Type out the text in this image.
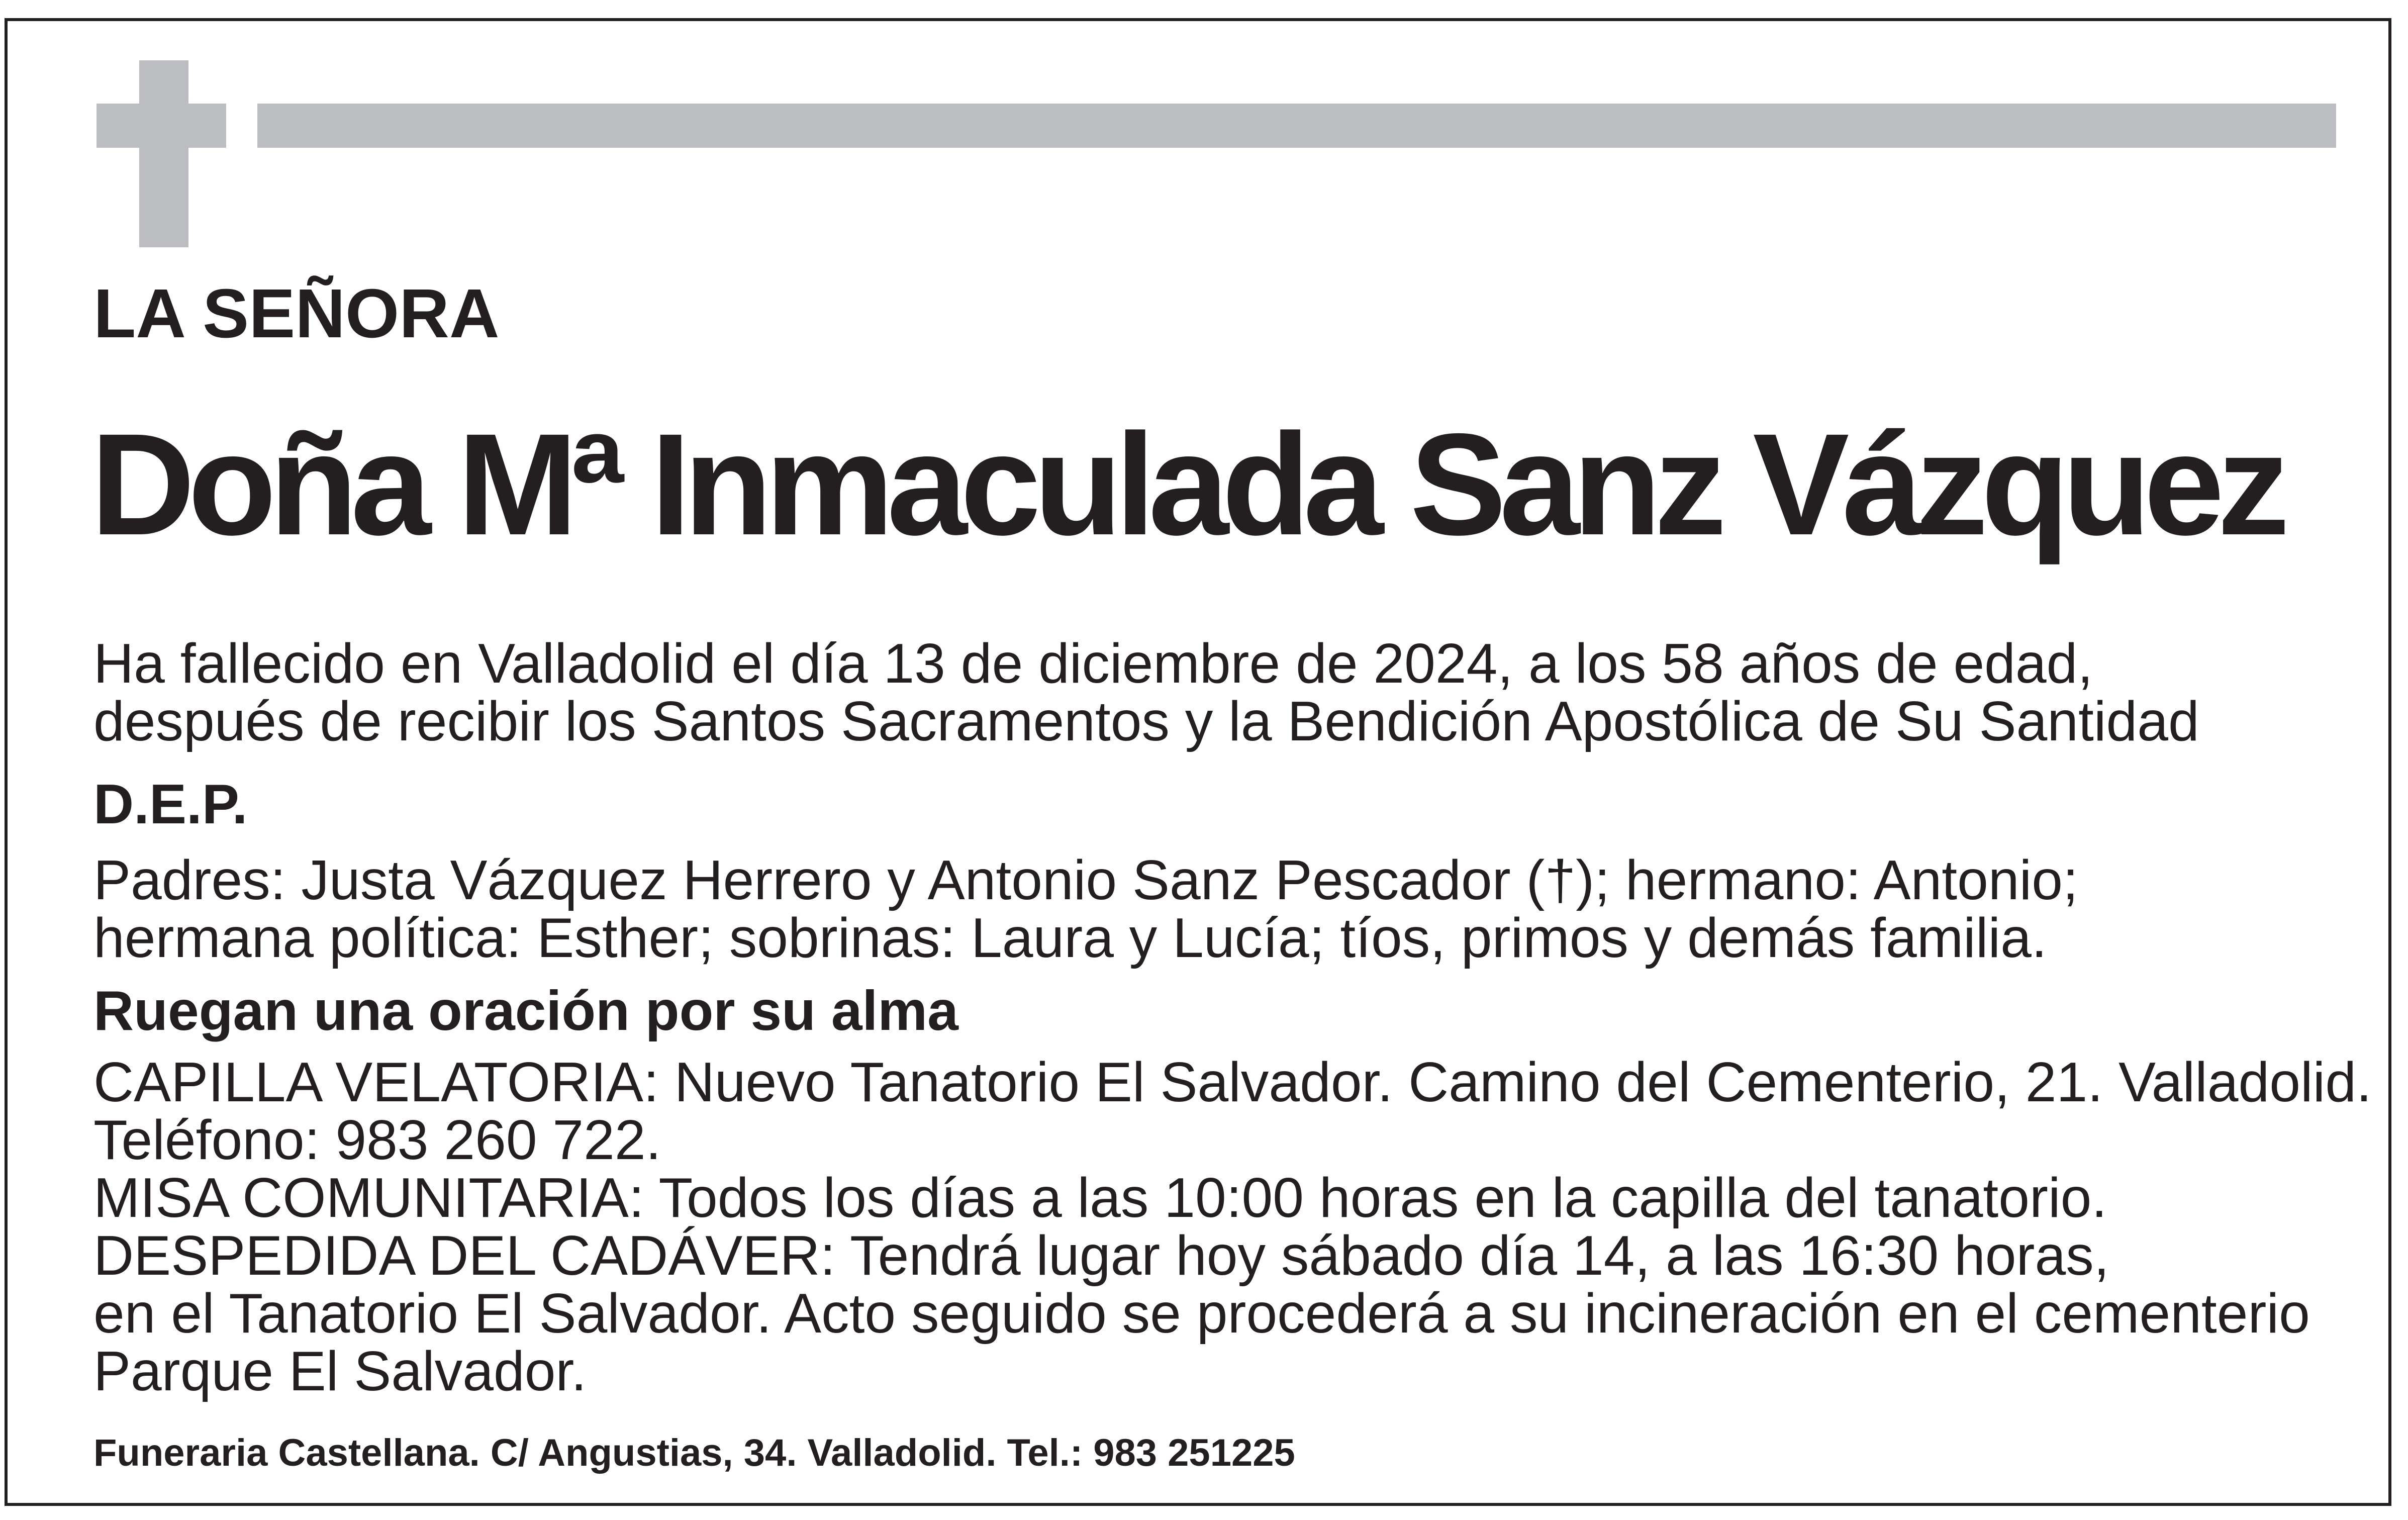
LA SEÑORA
Doña Mª Inmaculada Sanz Vázquez
Ha fallecido en Valladolid el día 13 de diciembre de 2024, a los 58 años de edad,
después de recibir los Santos Sacramentos y la Bendición Apostólica de Su Santidad
D.E.P.
Padres: Justa Vázquez Herrero y Antonio Sanz Pescador (†); hermano: Antonio;
hermana política: Esther; sobrinas: Laura y Lucía; tíos, primos y demás familia.
Ruegan una oración por su alma
CAPILLA VELATORIA: Nuevo Tanatorio El Salvador. Camino del Cementerio, 21. Valladolid.
Teléfono: 983 260 722.
MISA COMUNITARIA: Todos los días a las 10:00 horas en la capilla del tanatorio.
DESPEDIDA DEL CADÁVER: Tendrá lugar hoy sábado día 14, a las 16:30 horas,
en el Tanatorio El Salvador. Acto seguido se procederá a su incineración en el cementerio
Parque El Salvador.
Funeraria Castellana. C/ Angustias, 34. Valladolid. Tel.: 983 251225
